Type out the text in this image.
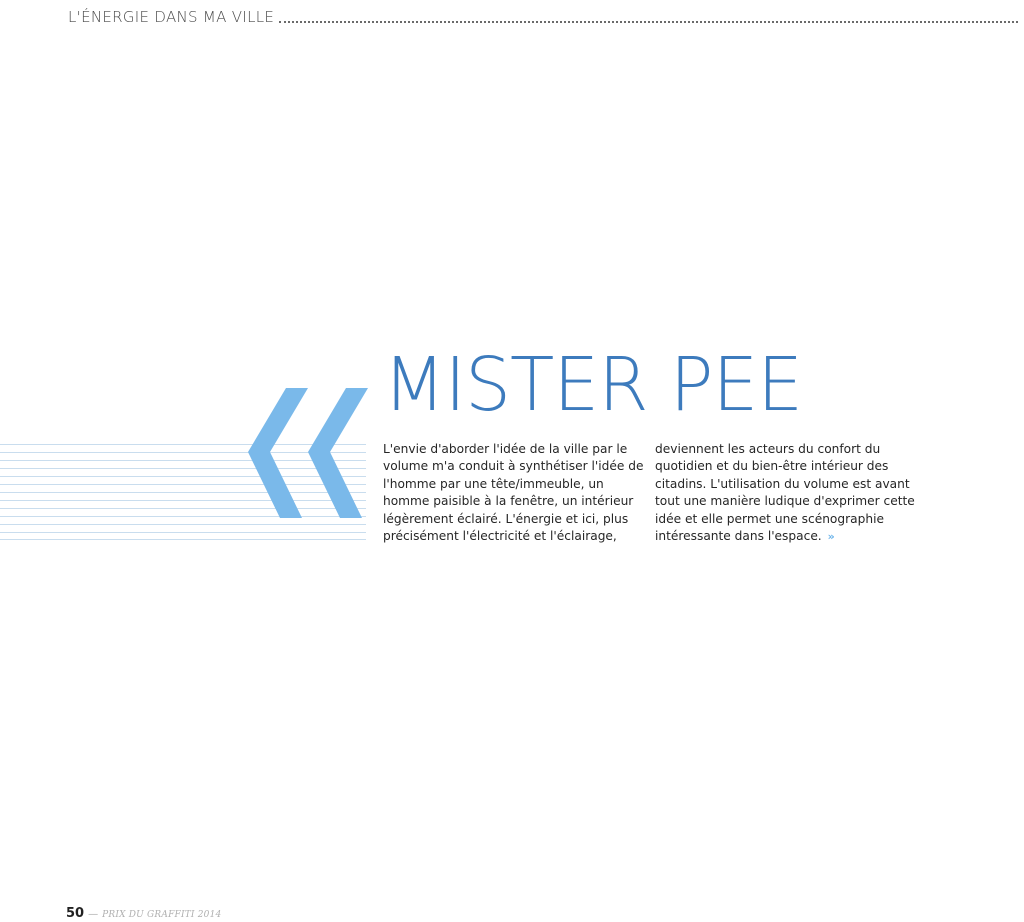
L'ÉNERGIE DANS MA VILLE
MISTER PEE

L'envie d'aborder l'idée de la ville par le volume m'a conduit à synthétiser l'idée de l'homme par une tête/immeuble, un homme paisible à la fenêtre, un intérieur légèrement éclairé. L'énergie et ici, plus précisément l'électricité et l'éclairage,

deviennent les acteurs du confort du quotidien et du bien-être intérieur des citadins. L'utilisation du volume est avant tout une manière ludique d'exprimer cette idée et elle permet une scénographie intéressante dans l'espace. »

50 — PRIX DU GRAFFITI 2014
